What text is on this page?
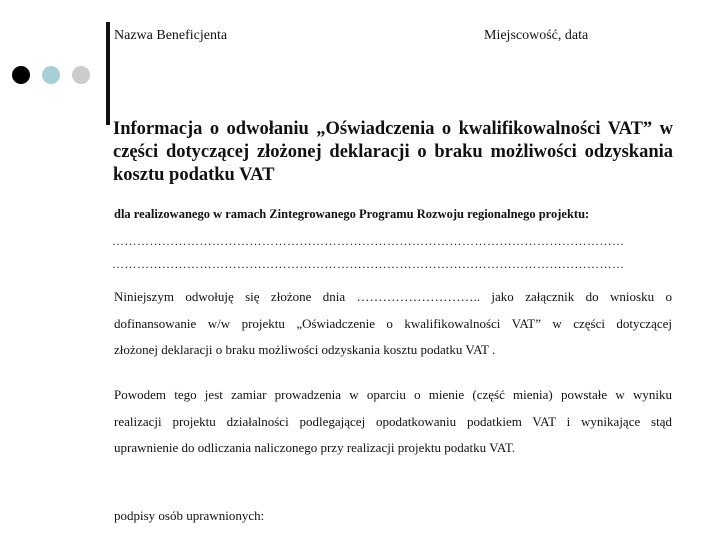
Nazwa Beneficjenta	Miejscowość, data
Informacja o odwołaniu „Oświadczenia o kwalifikowalności VAT” w
części dotyczącej złożonej deklaracji o braku możliwości odzyskania
kosztu podatku VAT
dla realizowanego w ramach Zintegrowanego Programu Rozwoju regionalnego projektu:
……………………………………………………………………………………………………………
……………………………………………………………………………………………………………
Niniejszym odwołuję się złożone dnia ……………………….. jako załącznik do wniosku o
dofinansowanie w/w projektu „Oświadczenie o kwalifikowalności VAT” w części dotyczącej
złożonej deklaracji o braku możliwości odzyskania kosztu podatku VAT .
Powodem tego jest zamiar prowadzenia w oparciu o mienie (część mienia) powstałe w wyniku
realizacji projektu działalności podlegającej opodatkowaniu podatkiem VAT i wynikające stąd
uprawnienie do odliczania naliczonego przy realizacji projektu podatku VAT.
podpisy osób uprawnionych:
